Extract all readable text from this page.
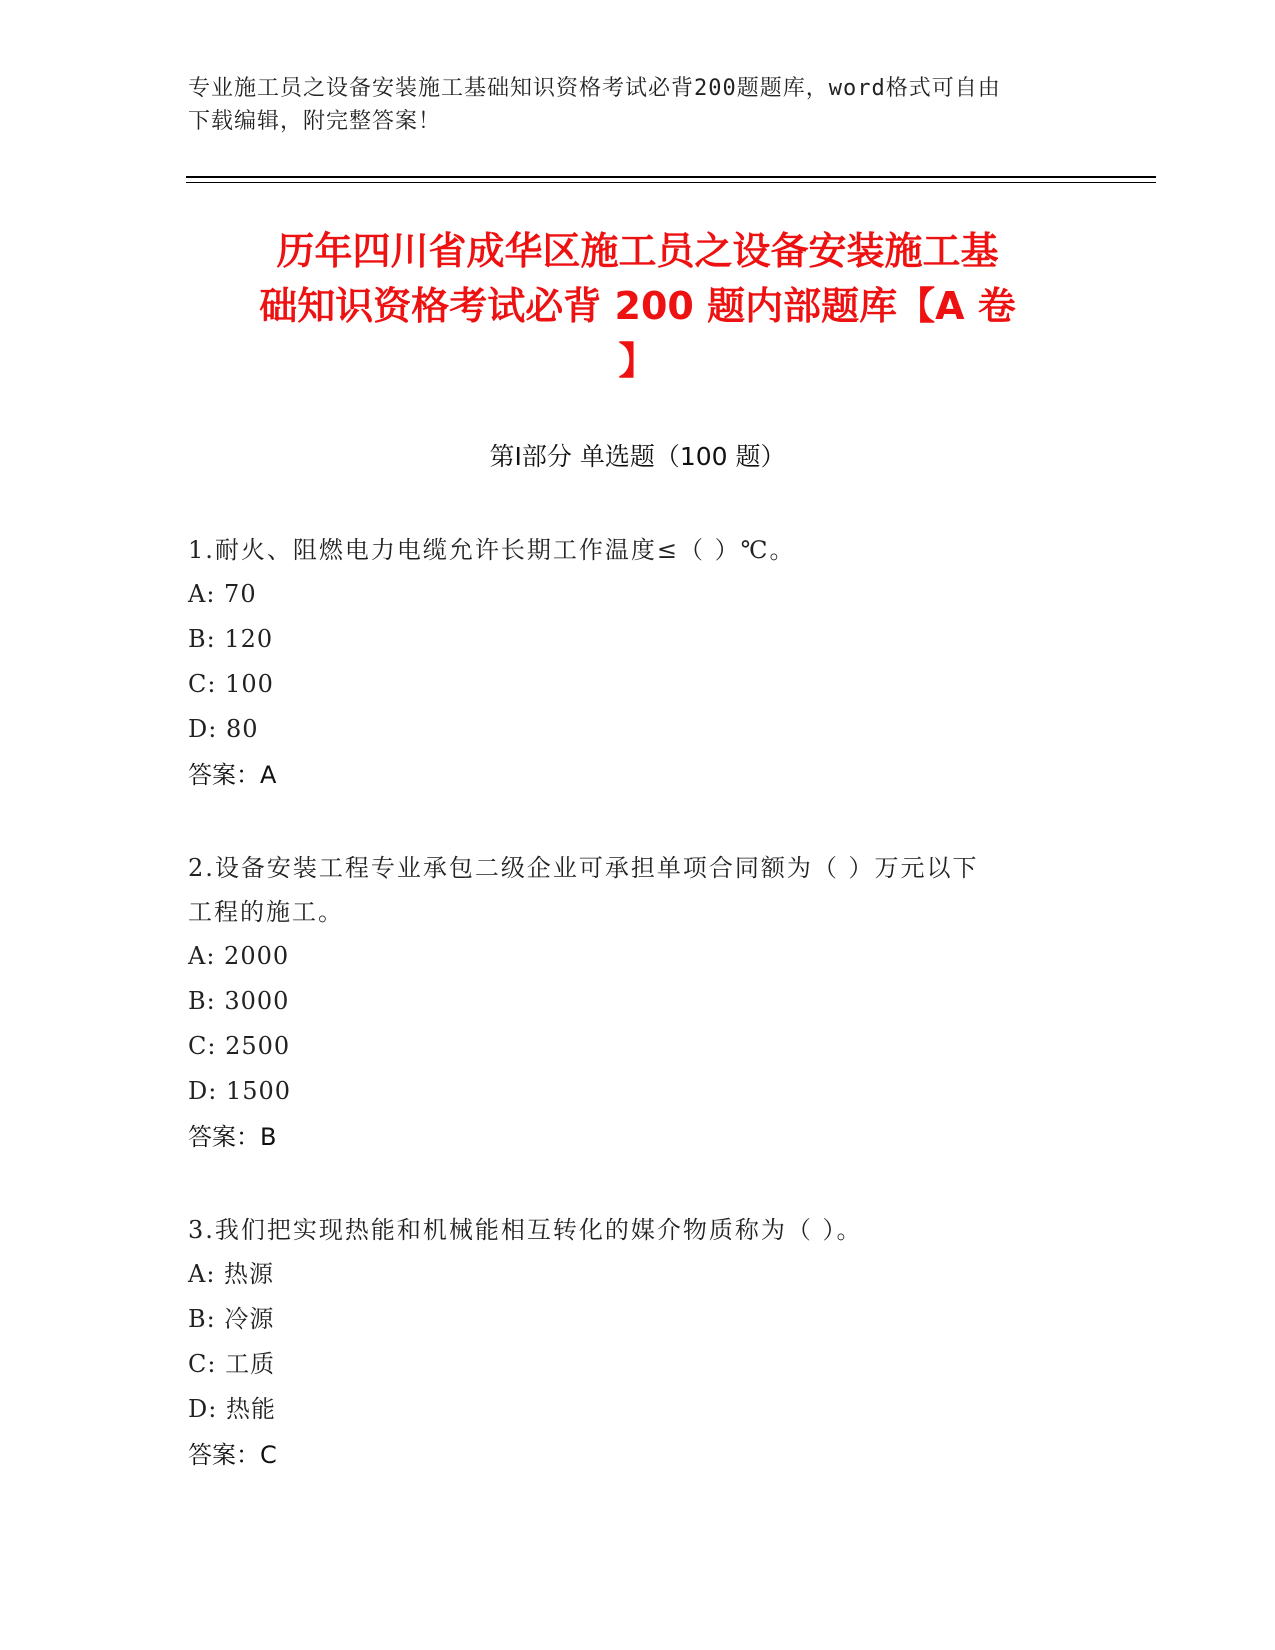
专业施工员之设备安装施工基础知识资格考试必背200题题库，word格式可自由
下载编辑，附完整答案！
历年四川省成华区施工员之设备安装施工基
础知识资格考试必背 200 题内部题库【A 卷
】
第Ⅰ部分 单选题（100 题）
1.耐火、阻燃电力电缆允许长期工作温度≤（ ）℃。
A: 70
B: 120
C: 100
D: 80
答案：A
2.设备安装工程专业承包二级企业可承担单项合同额为（ ）万元以下
工程的施工。
A: 2000
B: 3000
C: 2500
D: 1500
答案：B
3.我们把实现热能和机械能相互转化的媒介物质称为（ ）。
A: 热源
B: 冷源
C: 工质
D: 热能
答案：C
